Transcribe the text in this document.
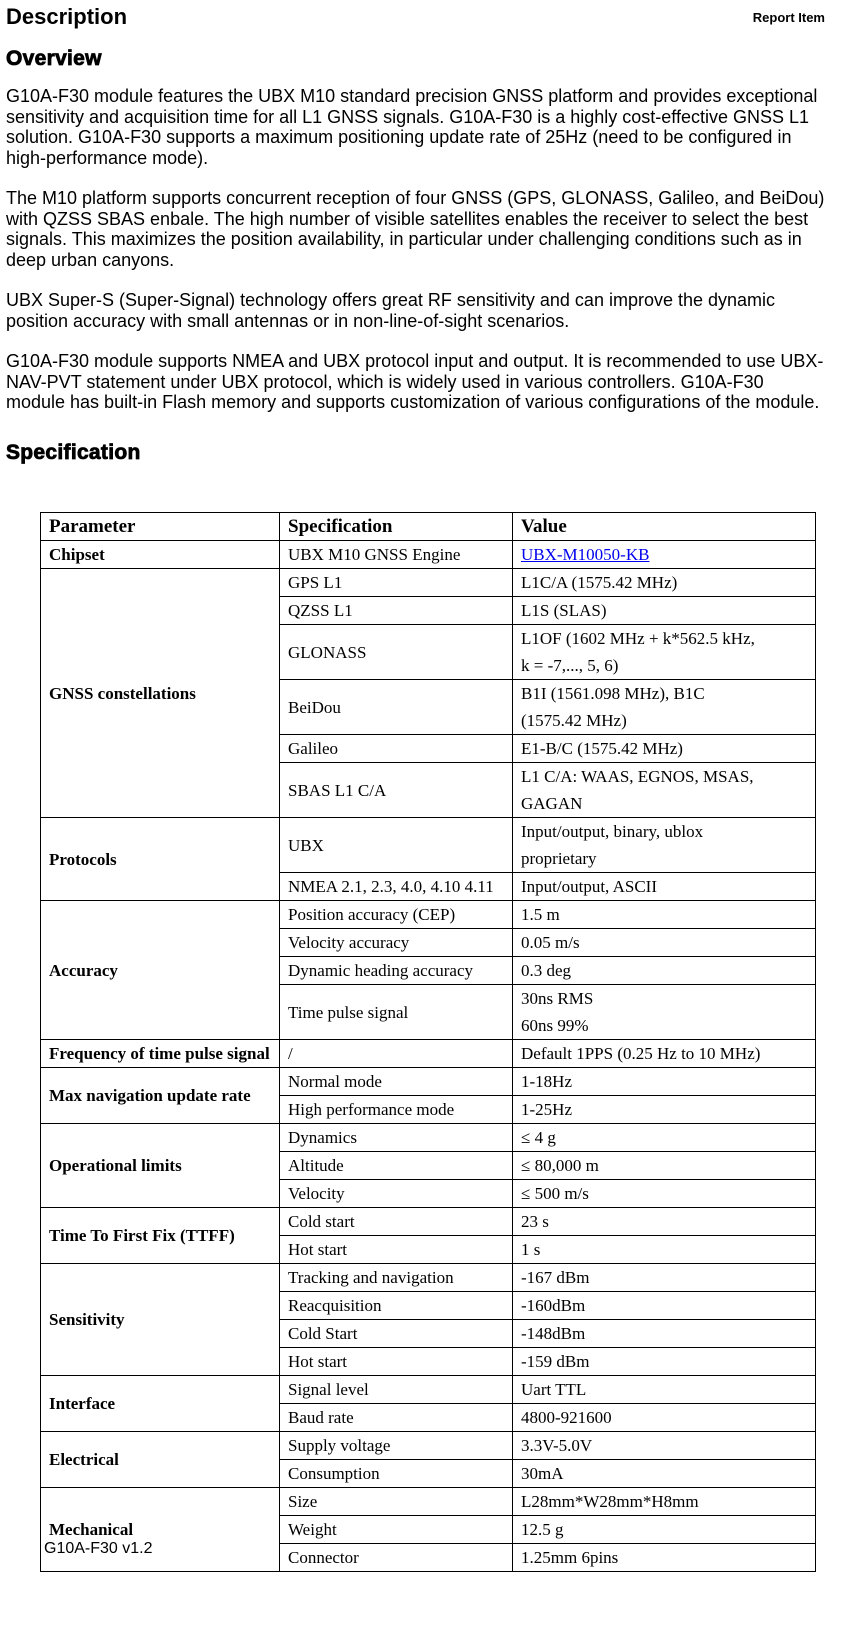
Description	Report Item
Overview

G10A-F30 module features the UBX M10 standard precision GNSS platform and provides exceptional sensitivity and acquisition time for all L1 GNSS signals. G10A-F30 is a highly cost-effective GNSS L1 solution. G10A-F30 supports a maximum positioning update rate of 25Hz (need to be configured in high-performance mode).

The M10 platform supports concurrent reception of four GNSS (GPS, GLONASS, Galileo, and BeiDou) with QZSS SBAS enbale. The high number of visible satellites enables the receiver to select the best signals. This maximizes the position availability, in particular under challenging conditions such as in deep urban canyons.

UBX Super-S (Super-Signal) technology offers great RF sensitivity and can improve the dynamic position accuracy with small antennas or in non-line-of-sight scenarios.

G10A-F30 module supports NMEA and UBX protocol input and output. It is recommended to use UBX-NAV-PVT statement under UBX protocol, which is widely used in various controllers. G10A-F30 module has built-in Flash memory and supports customization of various configurations of the module.

Specification
Parameter	Specification	Value
Chipset	UBX M10 GNSS Engine	UBX-M10050-KB
GNSS constellations	GPS L1	L1C/A (1575.42 MHz)
	QZSS L1	L1S (SLAS)
	GLONASS	L1OF (1602 MHz + k*562.5 kHz,
k = -7,..., 5, 6)
	BeiDou	B1I (1561.098 MHz), B1C
(1575.42 MHz)
	Galileo	E1-B/C (1575.42 MHz)
	SBAS L1 C/A	L1 C/A: WAAS, EGNOS, MSAS,
GAGAN
Protocols	UBX	Input/output, binary, ublox
proprietary
	NMEA 2.1, 2.3, 4.0, 4.10 4.11	Input/output, ASCII
Accuracy	Position accuracy (CEP)	1.5 m
	Velocity accuracy	0.05 m/s
	Dynamic heading accuracy	0.3 deg
	Time pulse signal	30ns RMS
60ns 99%
Frequency of time pulse signal	/	Default 1PPS (0.25 Hz to 10 MHz)
Max navigation update rate	Normal mode	1-18Hz
	High performance mode	1-25Hz
Operational limits	Dynamics	≤ 4 g
	Altitude	≤ 80,000 m
	Velocity	≤ 500 m/s
Time To First Fix (TTFF)	Cold start	23 s
	Hot start	1 s
Sensitivity	Tracking and navigation	-167 dBm
	Reacquisition	-160dBm
	Cold Start	-148dBm
	Hot start	-159 dBm
Interface	Signal level	Uart TTL
	Baud rate	4800-921600
Electrical	Supply voltage	3.3V-5.0V
	Consumption	30mA
Mechanical	Size	L28mm*W28mm*H8mm
	Weight	12.5 g
	Connector	1.25mm 6pins
G10A-F30 v1.2
